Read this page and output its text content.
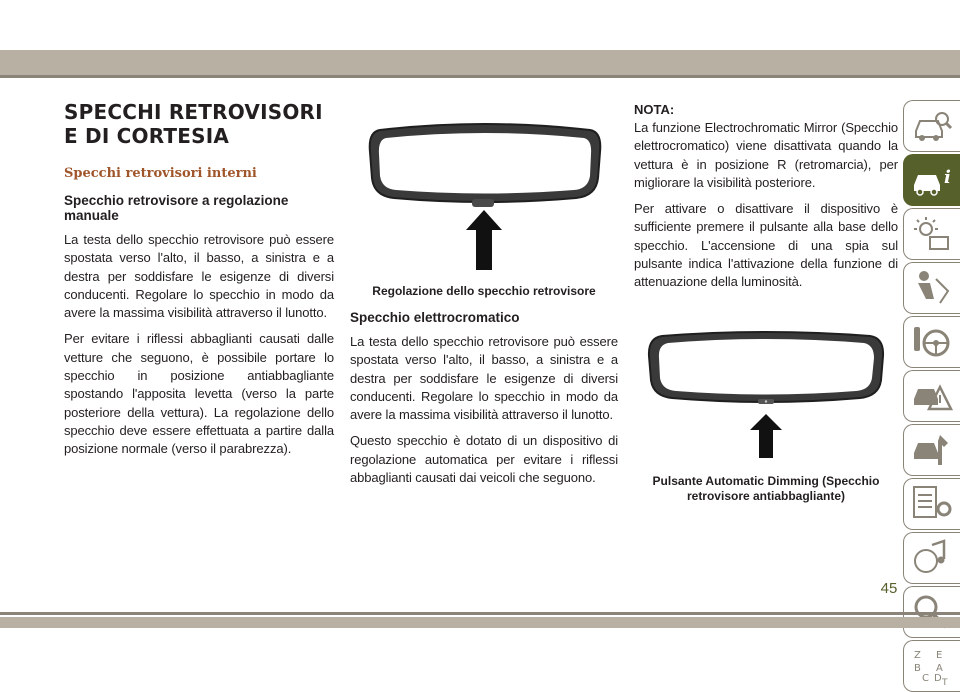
SPECCHI RETROVISORI E DI CORTESIA
Specchi retrovisori interni
Specchio retrovisore a regolazione manuale

La testa dello specchio retrovisore può essere spostata verso l'alto, il basso, a sinistra e a destra per soddisfare le esigenze di diversi conducenti. Regolare lo specchio in modo da avere la massima visibilità attraverso il lunotto.

Per evitare i riflessi abbaglianti causati dalle vetture che seguono, è possibile portare lo specchio in posizione antiabbagliante spostando l'apposita levetta (verso la parte posteriore della vettura). La regolazione dello specchio deve essere effettuata a partire dalla posizione normale (verso il parabrezza).

Regolazione dello specchio retrovisore
Specchio elettrocromatico

La testa dello specchio retrovisore può essere spostata verso l'alto, il basso, a sinistra e a destra per soddisfare le esigenze di diversi conducenti. Regolare lo specchio in modo da avere la massima visibilità attraverso il lunotto.

Questo specchio è dotato di un dispositivo di regolazione automatica per evitare i riflessi abbaglianti causati dai veicoli che seguono.

NOTA:

La funzione Electrochromatic Mirror (Specchio elettrocromatico) viene disattivata quando la vettura è in posizione R (retromarcia), per migliorare la visibilità posteriore.

Per attivare o disattivare il dispositivo è sufficiente premere il pulsante alla base dello specchio. L'accensione di una spia sul pulsante indica l'attivazione della funzione di attenuazione della luminosità.

Pulsante Automatic Dimming (Specchio retrovisore antiabbagliante)
i
Z E
B A
C D T
45
